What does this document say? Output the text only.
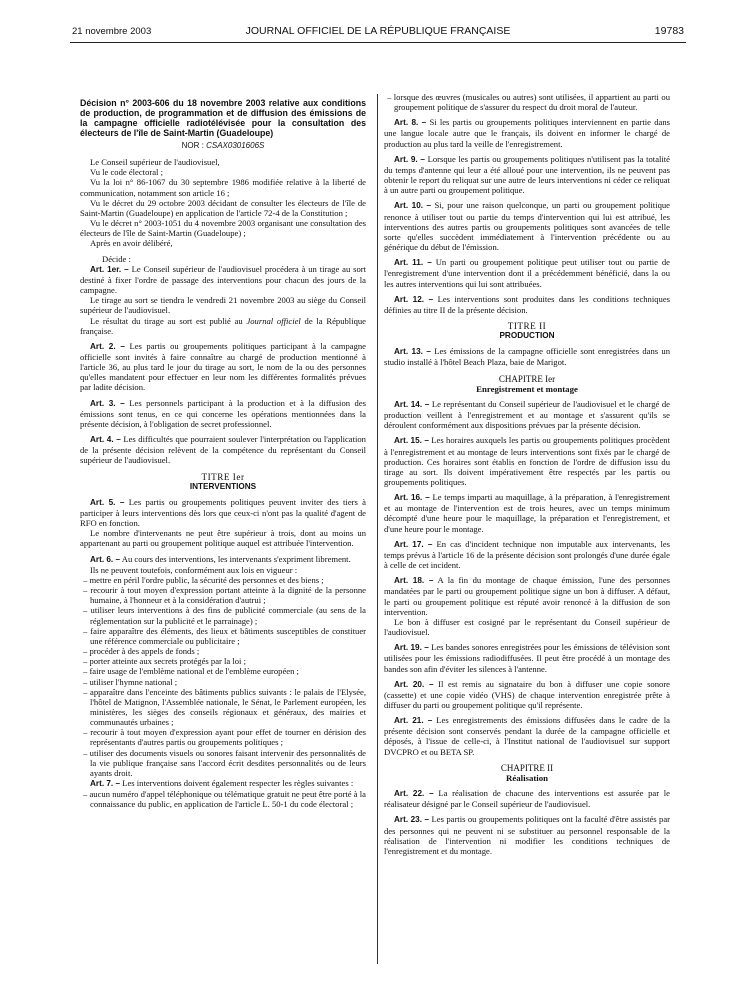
21 novembre 2003	JOURNAL OFFICIEL DE LA RÉPUBLIQUE FRANÇAISE	19783

Décision n° 2003-606 du 18 novembre 2003 relative aux conditions de production, de programmation et de diffusion des émissions de la campagne officielle radiotélévisée pour la consultation des électeurs de l'île de Saint-Martin (Guadeloupe)

NOR : CSAX0301606S

Le Conseil supérieur de l'audiovisuel,

Vu le code électoral ;

Vu la loi n° 86-1067 du 30 septembre 1986 modifiée relative à la liberté de communication, notamment son article 16 ;

Vu le décret du 29 octobre 2003 décidant de consulter les électeurs de l'île de Saint-Martin (Guadeloupe) en application de l'article 72-4 de la Constitution ;

Vu le décret n° 2003-1051 du 4 novembre 2003 organisant une consultation des électeurs de l'île de Saint-Martin (Guadeloupe) ;

Après en avoir délibéré,

Décide :

Art. 1er. – Le Conseil supérieur de l'audiovisuel procédera à un tirage au sort destiné à fixer l'ordre de passage des interventions pour chacun des jours de la campagne.

Le tirage au sort se tiendra le vendredi 21 novembre 2003 au siège du Conseil supérieur de l'audiovisuel.

Le résultat du tirage au sort est publié au Journal officiel de la République française.

Art. 2. – Les partis ou groupements politiques participant à la campagne officielle sont invités à faire connaître au chargé de production mentionné à l'article 36, au plus tard le jour du tirage au sort, le nom de la ou des personnes qu'elles mandatent pour effectuer en leur nom les différentes formalités prévues par ladite décision.

Art. 3. – Les personnels participant à la production et à la diffusion des émissions sont tenus, en ce qui concerne les opérations mentionnées dans la présente décision, à l'obligation de secret professionnel.

Art. 4. – Les difficultés que pourraient soulever l'interprétation ou l'application de la présente décision relèvent de la compétence du représentant du Conseil supérieur de l'audiovisuel.

TITRE Ier

INTERVENTIONS

Art. 5. – Les partis ou groupements politiques peuvent inviter des tiers à participer à leurs interventions dès lors que ceux-ci n'ont pas la qualité d'agent de RFO en fonction.

Le nombre d'intervenants ne peut être supérieur à trois, dont au moins un appartenant au parti ou groupement politique auquel est attribuée l'intervention.

Art. 6. – Au cours des interventions, les intervenants s'expriment librement.

Ils ne peuvent toutefois, conformément aux lois en vigueur :

– mettre en péril l'ordre public, la sécurité des personnes et des biens ;

– recourir à tout moyen d'expression portant atteinte à la dignité de la personne humaine, à l'honneur et à la considération d'autrui ;

– utiliser leurs interventions à des fins de publicité commerciale (au sens de la réglementation sur la publicité et le parrainage) ;

– faire apparaître des éléments, des lieux et bâtiments susceptibles de constituer une référence commerciale ou publicitaire ;

– procéder à des appels de fonds ;

– porter atteinte aux secrets protégés par la loi ;

– faire usage de l'emblème national et de l'emblème européen ;

– utiliser l'hymne national ;

– apparaître dans l'enceinte des bâtiments publics suivants : le palais de l'Elysée, l'hôtel de Matignon, l'Assemblée nationale, le Sénat, le Parlement européen, les ministères, les sièges des conseils régionaux et généraux, des mairies et communautés urbaines ;

– recourir à tout moyen d'expression ayant pour effet de tourner en dérision des représentants d'autres partis ou groupements politiques ;

– utiliser des documents visuels ou sonores faisant intervenir des personnalités de la vie publique française sans l'accord écrit desdites personnalités ou de leurs ayants droit.

Art. 7. – Les interventions doivent également respecter les règles suivantes :

– aucun numéro d'appel téléphonique ou télématique gratuit ne peut être porté à la connaissance du public, en application de l'article L. 50-1 du code électoral ;

– lorsque des œuvres (musicales ou autres) sont utilisées, il appartient au parti ou groupement politique de s'assurer du respect du droit moral de l'auteur.

Art. 8. – Si les partis ou groupements politiques interviennent en partie dans une langue locale autre que le français, ils doivent en informer le chargé de production au plus tard la veille de l'enregistrement.

Art. 9. – Lorsque les partis ou groupements politiques n'utilisent pas la totalité du temps d'antenne qui leur a été alloué pour une intervention, ils ne peuvent pas obtenir le report du reliquat sur une autre de leurs interventions ni céder ce reliquat à un autre parti ou groupement politique.

Art. 10. – Si, pour une raison quelconque, un parti ou groupement politique renonce à utiliser tout ou partie du temps d'intervention qui lui est attribué, les interventions des autres partis ou groupements politiques sont avancées de telle sorte qu'elles succèdent immédiatement à l'intervention précédente ou au générique du début de l'émission.

Art. 11. – Un parti ou groupement politique peut utiliser tout ou partie de l'enregistrement d'une intervention dont il a précédemment bénéficié, dans la ou les autres interventions qui lui sont attribuées.

Art. 12. – Les interventions sont produites dans les conditions techniques définies au titre II de la présente décision.

TITRE II

PRODUCTION

Art. 13. – Les émissions de la campagne officielle sont enregistrées dans un studio installé à l'hôtel Beach Plaza, baie de Marigot.

CHAPITRE Ier

Enregistrement et montage

Art. 14. – Le représentant du Conseil supérieur de l'audiovisuel et le chargé de production veillent à l'enregistrement et au montage et s'assurent qu'ils se déroulent conformément aux dispositions prévues par la présente décision.

Art. 15. – Les horaires auxquels les partis ou groupements politiques procèdent à l'enregistrement et au montage de leurs interventions sont fixés par le chargé de production. Ces horaires sont établis en fonction de l'ordre de diffusion issu du tirage au sort. Ils doivent impérativement être respectés par les partis ou groupements politiques.

Art. 16. – Le temps imparti au maquillage, à la préparation, à l'enregistrement et au montage de l'intervention est de trois heures, avec un temps minimum décompté d'une heure pour le maquillage, la préparation et l'enregistrement, et d'une heure pour le montage.

Art. 17. – En cas d'incident technique non imputable aux intervenants, les temps prévus à l'article 16 de la présente décision sont prolongés d'une durée égale à celle de cet incident.

Art. 18. – A la fin du montage de chaque émission, l'une des personnes mandatées par le parti ou groupement politique signe un bon à diffuser. A défaut, le parti ou groupement politique est réputé avoir renoncé à la diffusion de son intervention.

Le bon à diffuser est cosigné par le représentant du Conseil supérieur de l'audiovisuel.

Art. 19. – Les bandes sonores enregistrées pour les émissions de télévision sont utilisées pour les émissions radiodiffusées. Il peut être procédé à un montage des bandes son afin d'éviter les silences à l'antenne.

Art. 20. – Il est remis au signataire du bon à diffuser une copie sonore (cassette) et une copie vidéo (VHS) de chaque intervention enregistrée prête à diffuser du parti ou groupement politique qu'il représente.

Art. 21. – Les enregistrements des émissions diffusées dans le cadre de la présente décision sont conservés pendant la durée de la campagne officielle et déposés, à l'issue de celle-ci, à l'Institut national de l'audiovisuel sur support DVCPRO et ou BETA SP.

CHAPITRE II

Réalisation

Art. 22. – La réalisation de chacune des interventions est assurée par le réalisateur désigné par le Conseil supérieur de l'audiovisuel.

Art. 23. – Les partis ou groupements politiques ont la faculté d'être assistés par des personnes qui ne peuvent ni se substituer au personnel responsable de la réalisation de l'intervention ni modifier les conditions techniques de l'enregistrement et du montage.
